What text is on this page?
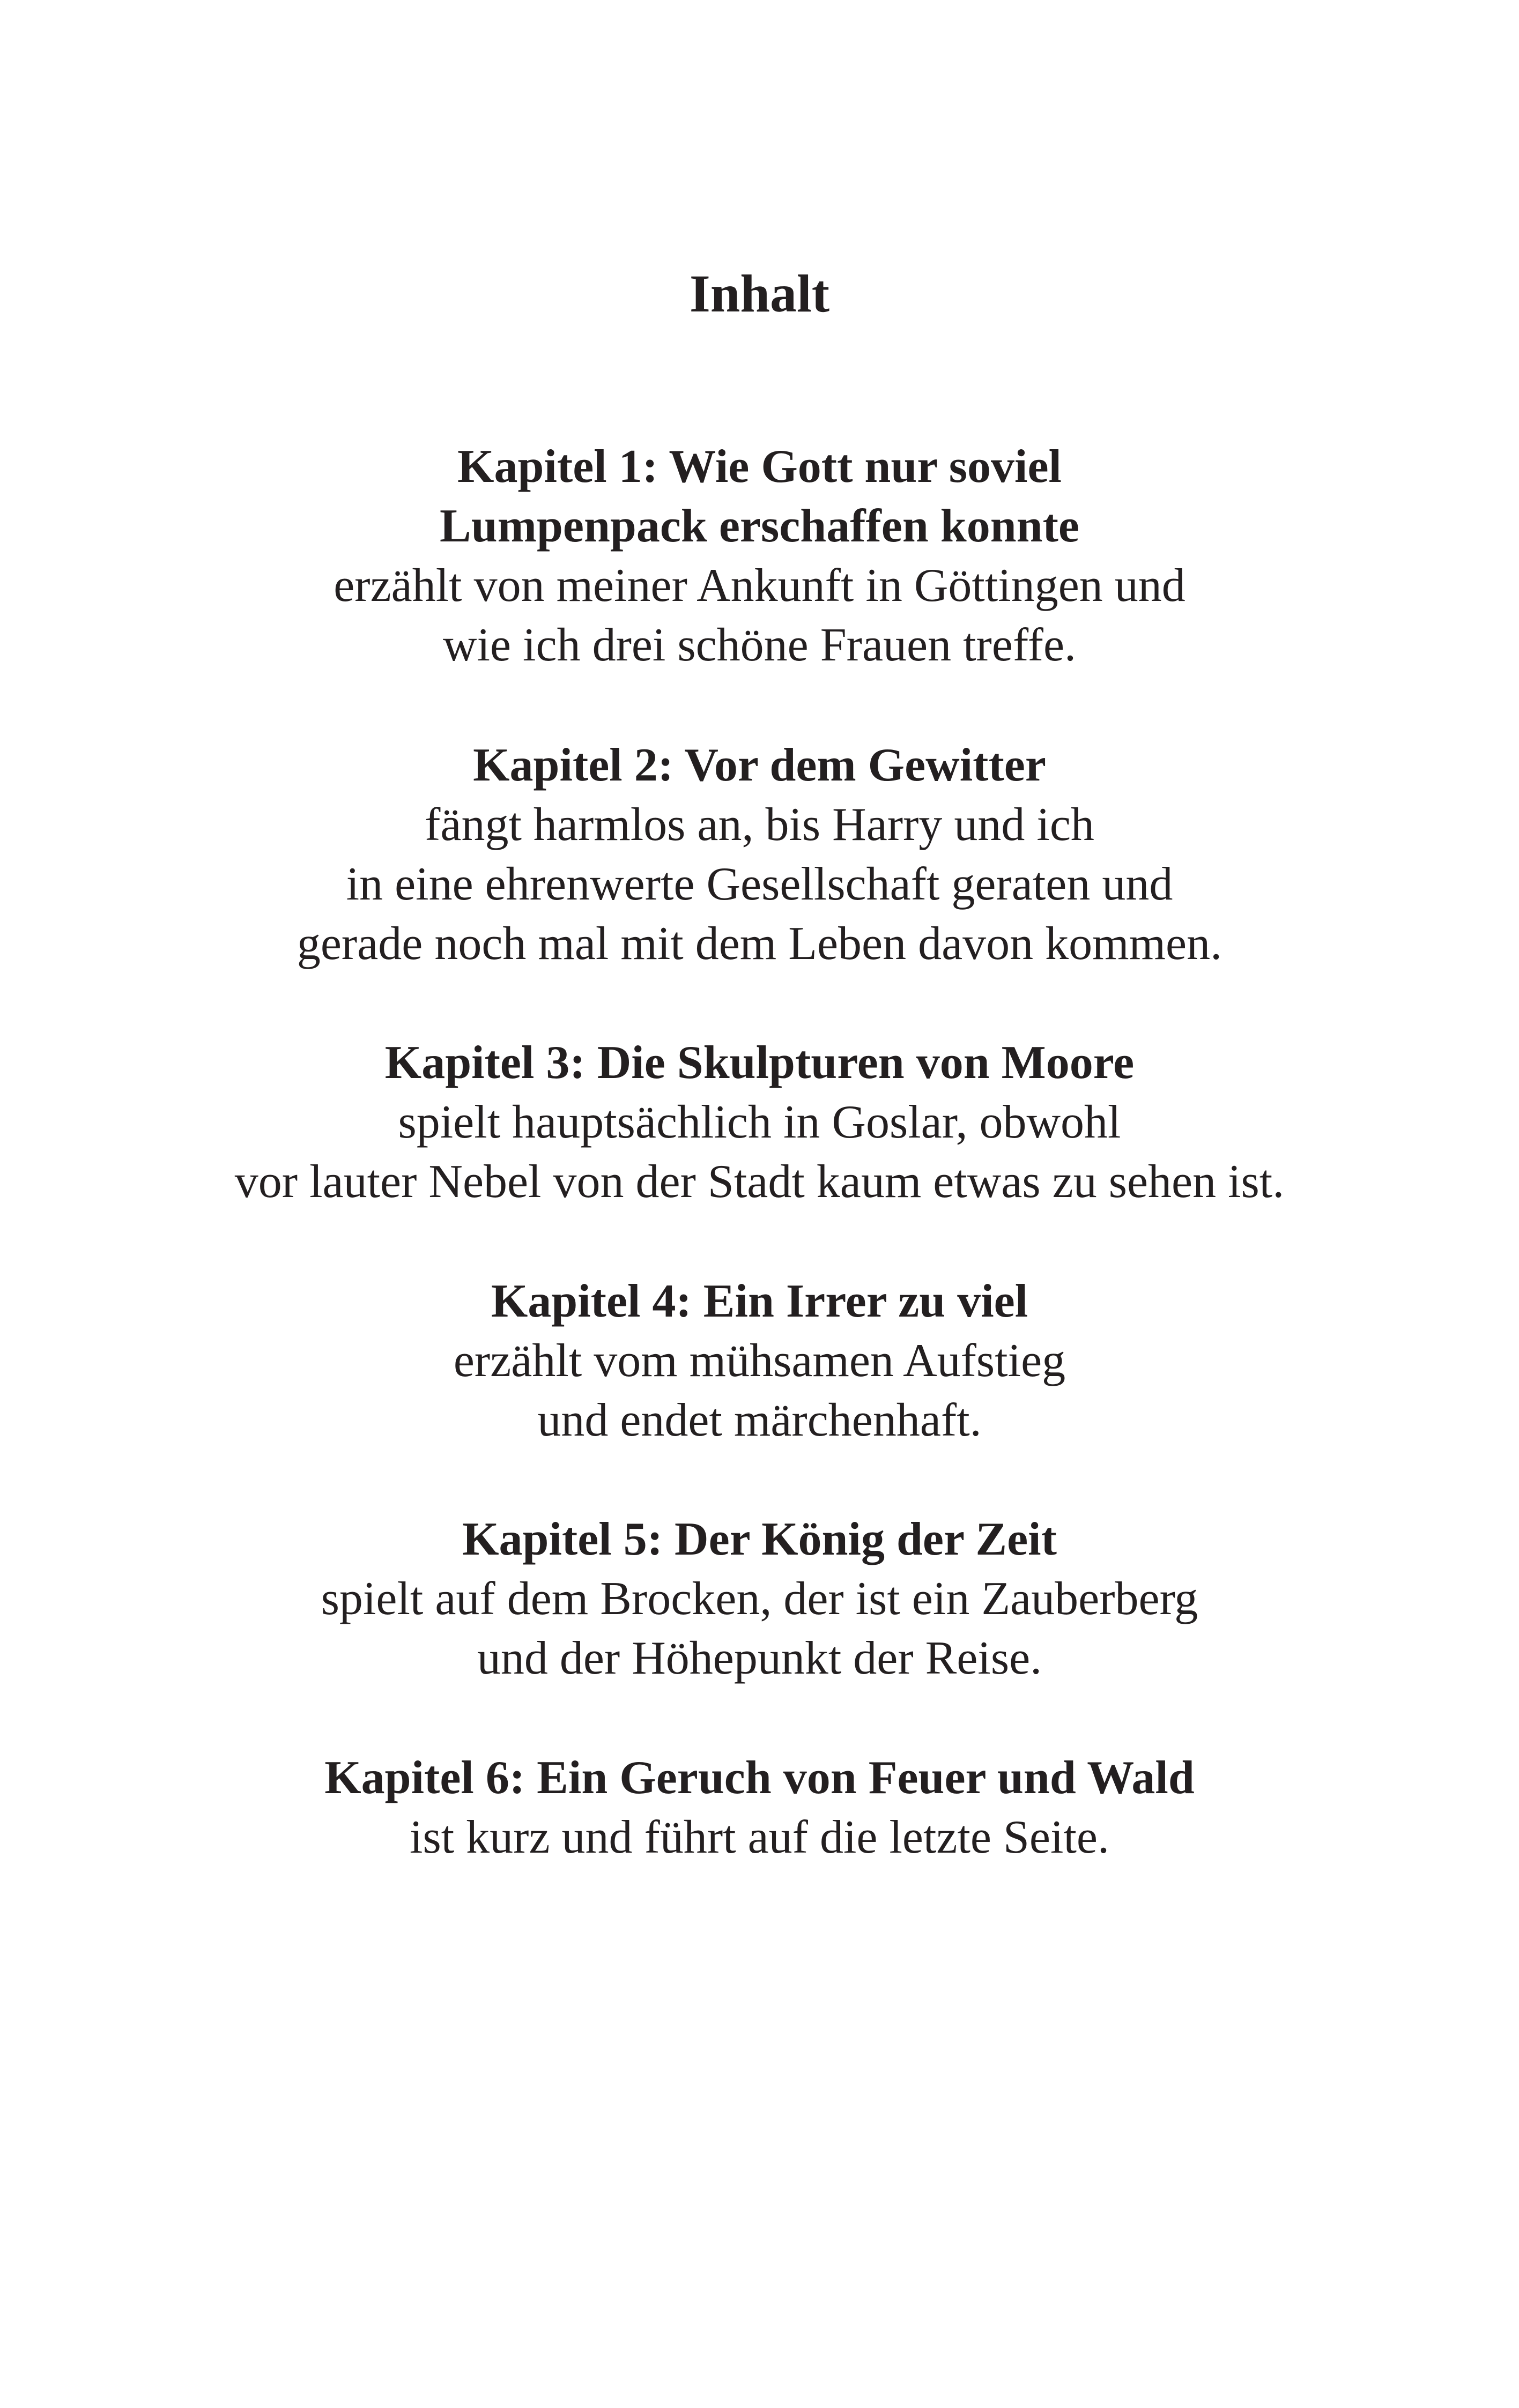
Inhalt
Kapitel 1: Wie Gott nur soviel
Lumpenpack erschaffen konnte
erzählt von meiner Ankunft in Göttingen und
wie ich drei schöne Frauen treffe.
Kapitel 2: Vor dem Gewitter
fängt harmlos an, bis Harry und ich
in eine ehrenwerte Gesellschaft geraten und
gerade noch mal mit dem Leben davon kommen.
Kapitel 3: Die Skulpturen von Moore
spielt hauptsächlich in Goslar, obwohl
vor lauter Nebel von der Stadt kaum etwas zu sehen ist.
Kapitel 4: Ein Irrer zu viel
erzählt vom mühsamen Aufstieg
und endet märchenhaft.
Kapitel 5: Der König der Zeit
spielt auf dem Brocken, der ist ein Zauberberg
und der Höhepunkt der Reise.
Kapitel 6: Ein Geruch von Feuer und Wald
ist kurz und führt auf die letzte Seite.
